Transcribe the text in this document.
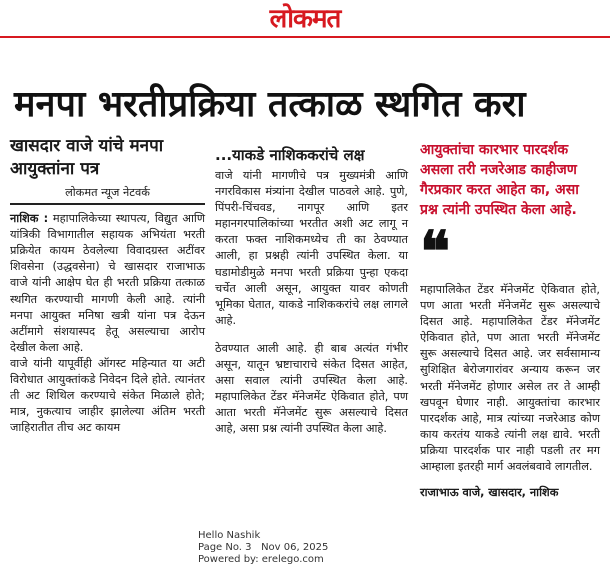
लोकमत
मनपा भरतीप्रक्रिया तत्काळ स्थगित करा

खासदार वाजे यांचे मनपा आयुक्तांना पत्र

लोकमत न्यूज नेटवर्क

नाशिक : महापालिकेच्या स्थापत्य, विद्युत आणि यांत्रिकी विभागातील सहायक अभियंता भरती प्रक्रियेत कायम ठेवलेल्या विवादग्रस्त अटींवर शिवसेना (उद्धवसेना) चे खासदार राजाभाऊ वाजे यांनी आक्षेप घेत ही भरती प्रक्रिया तत्काळ स्थगित करण्याची मागणी केली आहे. त्यांनी मनपा आयुक्त मनिषा खत्री यांना पत्र देऊन अटींमागे संशयास्पद हेतू असल्याचा आरोप देखील केला आहे.

वाजे यांनी यापूर्वीही ऑगस्ट महिन्यात या अटी विरोधात आयुक्तांकडे निवेदन दिले होते. त्यानंतर ती अट शिथिल करण्याचे संकेत मिळाले होते; मात्र, नुकत्याच जाहीर झालेल्या अंतिम भरती जाहिरातीत तीच अट कायम

...याकडे नाशिककरांचे लक्ष

वाजे यांनी मागणीचे पत्र मुख्यमंत्री आणि नगरविकास मंत्र्यांना देखील पाठवले आहे. पुणे, पिंपरी-चिंचवड, नागपूर आणि इतर महानगरपालिकांच्या भरतीत अशी अट लागू न करता फक्त नाशिकमध्येच ती का ठेवण्यात आली, हा प्रश्नही त्यांनी उपस्थित केला. या घडामोडीमुळे मनपा भरती प्रक्रिया पुन्हा एकदा चर्चेत आली असून, आयुक्त यावर कोणती भूमिका घेतात, याकडे नाशिककरांचे लक्ष लागले आहे.

ठेवण्यात आली आहे. ही बाब अत्यंत गंभीर असून, यातून भ्रष्टाचाराचे संकेत दिसत आहेत, असा सवाल त्यांनी उपस्थित केला आहे. महापालिकेत टेंडर मॅनेजमेंट ऐकिवात होते, पण आता भरती मॅनेजमेंट सुरू असल्याचे दिसत आहे, असा प्रश्न त्यांनी उपस्थित केला आहे.

आयुक्तांचा कारभार पारदर्शक असला तरी नजरेआड काहीजण गैरप्रकार करत आहेत का, असा प्रश्न त्यांनी उपस्थित केला आहे.
❝

महापालिकेत टेंडर मॅनेजमेंट ऐकिवात होते, पण आता भरती मॅनेजमेंट सुरू असल्याचे दिसत आहे. महापालिकेत टेंडर मॅनेजमेंट ऐकिवात होते, पण आता भरती मॅनेजमेंट सुरू असल्याचे दिसत आहे. जर सर्वसामान्य सुशिक्षित बेरोजगारांवर अन्याय करून जर भरती मॅनेजमेंट होणार असेल तर ते आम्ही खपवून घेणार नाही. आयुक्तांचा कारभार पारदर्शक आहे, मात्र त्यांच्या नजरेआड कोण काय करतंय याकडे त्यांनी लक्ष द्यावे. भरती प्रक्रिया पारदर्शक पार नाही पडली तर मग आम्हाला इतरही मार्ग अवलंबवावे लागतील.

राजाभाऊ वाजे, खासदार, नाशिक
Hello Nashik
Page No. 3 Nov 06, 2025
Powered by: erelego.com
